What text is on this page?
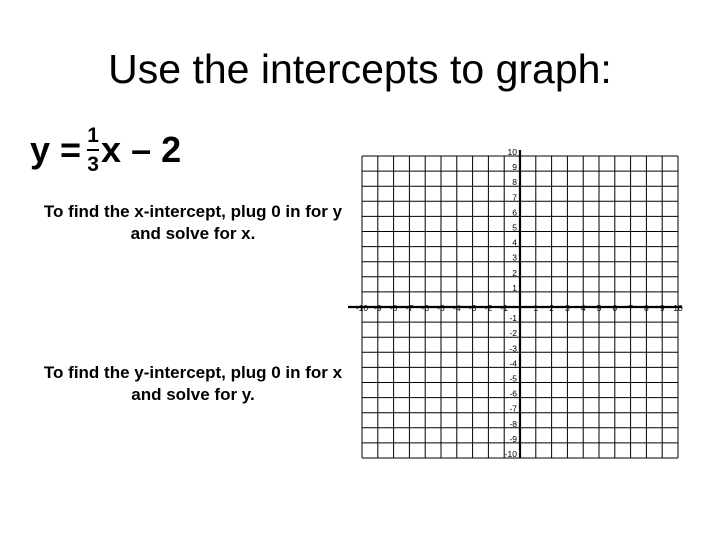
Use the intercepts to graph:
$y = \frac{1}{3}$ x – 2
To find the x-intercept, plug 0 in for y and solve for x.
To find the y-intercept, plug 0 in for x and solve for y.
-10 -9 -8 -7 -6 -5 -4 -3 -2 -1	1 2 3 4 5 6 7 8 9 10
10
9
8
7
6
5
4
3
2
1
-1
-2
-3
-4
-5
-6
-7
-8
-9
-10
